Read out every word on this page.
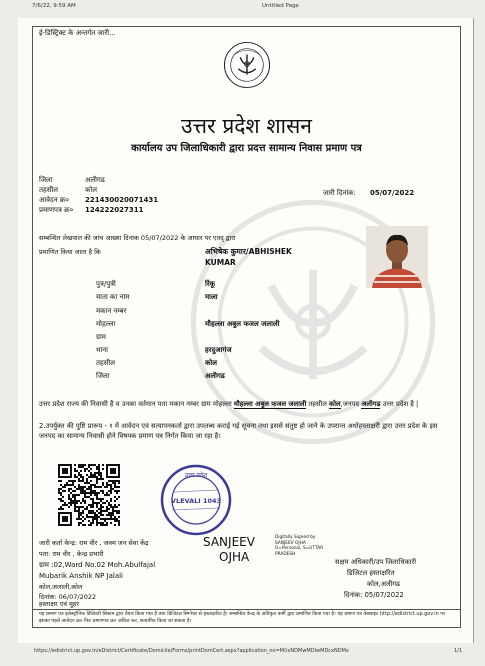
7/6/22, 9:59 AM	Untitled Page
ई-डिस्ट्रिक्ट के अन्तर्गत जारी...
उत्तर प्रदेश शासन
कार्यालय उप जिलाधिकारी द्वारा प्रदत्त सामान्य निवास प्रमाण पत्र
जिला	अलीगढ
तहसील	कोल
आवेदन क्र० 221430020071431
प्रमाणपत्र क्र० 124222027311
जारी दिनांक: 05/07/2022
सम्बन्धित लेखपाल की जांच आख्या दिनांक 05/07/2022 के आधार पर एतद् द्वारा
प्रमाणित किया जाता है कि	अभिषेक कुमार/ABHISHEK
KUMAR
पुत्र/पुत्री	रिंकू
माता का नाम	माला
मकान नम्बर
मोहल्ला	मौहल्ला अबुल फजल जलाली
ग्राम
थाना	हरदुआगंज
तहसील	कोल
जिला	अलीगढ
उत्तर प्रदेश राज्य की निवासी है व उनका वर्तमान पता मकान नम्बर ग्राम मोहल्ला मौहल्ला अबुल फजल जलाली तहसील कोल,जनपद अलीगढ उत्तर प्रदेश है |
2.उपर्युक्त की पुष्टि प्रारूप - १ में आवेदन एवं सत्यापनकर्ता द्वारा उपलब्ध कराई गई सूचना तथा इससे संतुष्ट हो जाने के उपरान्त अधोहस्ताक्षरी द्वारा उत्तर प्रदेश के इस जनपद का सामान्य निवासी होने विषयक प्रमाण पत्र निर्गत किया जा रहा है।
उत्तर प्रदेश
VLEVALI 1043
जारी कर्ता केन्द्र: राम वीर , जवम जन सेवा केंद्र
पता: राम वीर , केन्द्र प्रभारी
ग्राम :02,Ward No.02 Moh.Abulfajal
Mubarik Anshik NP Jalali
कोल,जलाली,कोल
दिनांक: 06/07/2022
SANJEEV
OJHA
Digitally Signed by
SANJEEV OJHA
O=Personal, S=UTTAR
PRADESH
सक्षम अधिकारी/उप जिलाधिकारी
डिजिटल हस्ताक्षरित
कोल,अलीगढ
दिनांक: 05/07/2022
हस्ताक्षर एवं मुहर
यह प्रमाण पत्र इलेक्ट्रॉनिक डिलिवरी सिस्टम द्वारा तैयार किया गया है तथा डिजिटल सिग्नेचर से हस्ताक्षरित है। सम्बन्धित केन्द्र के अधिकृत कर्मी द्वारा प्रमाणित किया गया है। यह प्रमाण पत्र वेबसाइट http://edistrict.up.gov.in पर इसका पहले आवेदन क्र० फिर प्रमाणपत्र क्र० अंकित कर, सत्यापित किया जा सकता है।
https://edistrict.up.gov.in/eDistrict/Certificate/Domicile/Forms/printDomCert.aspx?application_no=M(ixNDMwMDIwMDcxNDMx	1/1
